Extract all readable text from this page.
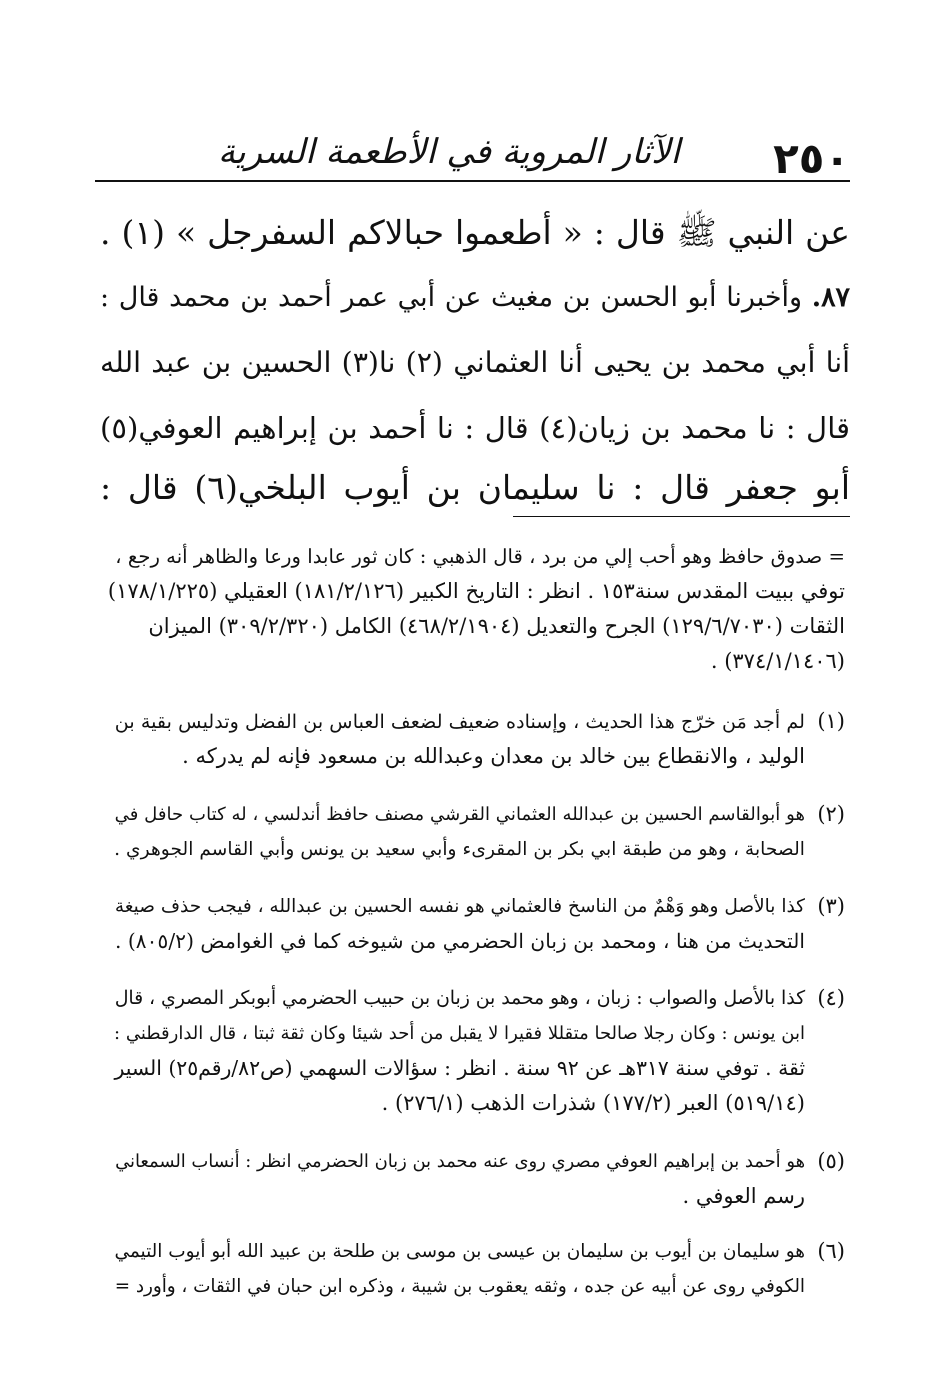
٢٥٠
الآثار المروية في الأطعمة السرية
عن النبي ﷺ قال : « أطعموا حبالاكم السفرجل » (١) .
٨٧. وأخبرنا أبو الحسن بن مغيث عن أبي عمر أحمد بن محمد قال :
أنا أبي محمد بن يحيى أنا العثماني (٢) نا(٣) الحسين بن عبد الله
قال : نا محمد بن زيان(٤) قال : نا أحمد بن إبراهيم العوفي(٥)
أبو جعفر قال : نا سليمان بن أيوب البلخي(٦) قال :
= صدوق حافظ وهو أحب إلي من برد ، قال الذهبي : كان ثور عابدا ورعا والظاهر أنه رجع ،
توفي ببيت المقدس سنة١٥٣ . انظر : التاريخ الكبير (١٨١/٢/١٢٦) العقيلي (١٧٨/١/٢٢٥)
الثقات (١٢٩/٦/٧٠٣٠) الجرح والتعديل (٤٦٨/٢/١٩٠٤) الكامل (٣٠٩/٢/٣٢٠) الميزان
(٣٧٤/١/١٤٠٦) .
(١)
لم أجد مَن خرّج هذا الحديث ، وإسناده ضعيف لضعف العباس بن الفضل وتدليس بقية بن
الوليد ، والانقطاع بين خالد بن معدان وعبدالله بن مسعود فإنه لم يدركه .
(٢)
هو أبوالقاسم الحسين بن عبدالله العثماني القرشي مصنف حافظ أندلسي ، له كتاب حافل في
الصحابة ، وهو من طبقة ابي بكر بن المقرىء وأبي سعيد بن يونس وأبي القاسم الجوهري .
(٣)
كذا بالأصل وهو وَهْمٌ من الناسخ فالعثماني هو نفسه الحسين بن عبدالله ، فيجب حذف صيغة
التحديث من هنا ، ومحمد بن زبان الحضرمي من شيوخه كما في الغوامض (٨٠٥/٢) .
(٤)
كذا بالأصل والصواب : زبان ، وهو محمد بن زبان بن حبيب الحضرمي أبوبكر المصري ، قال
ابن يونس : وكان رجلا صالحا متقللا فقيرا لا يقبل من أحد شيئا وكان ثقة ثبتا ، قال الدارقطني :
ثقة . توفي سنة ٣١٧هـ عن ٩٢ سنة . انظر : سؤالات السهمي (ص٨٢/رقم٢٥) السير
(٥١٩/١٤) العبر (١٧٧/٢) شذرات الذهب (٢٧٦/١) .
(٥)
هو أحمد بن إبراهيم العوفي مصري روى عنه محمد بن زبان الحضرمي انظر : أنساب السمعاني
رسم العوفي .
(٦)
هو سليمان بن أيوب بن سليمان بن عيسى بن موسى بن طلحة بن عبيد الله أبو أيوب التيمي
الكوفي روى عن أبيه عن جده ، وثقه يعقوب بن شيبة ، وذكره ابن حبان في الثقات ، وأورد =
